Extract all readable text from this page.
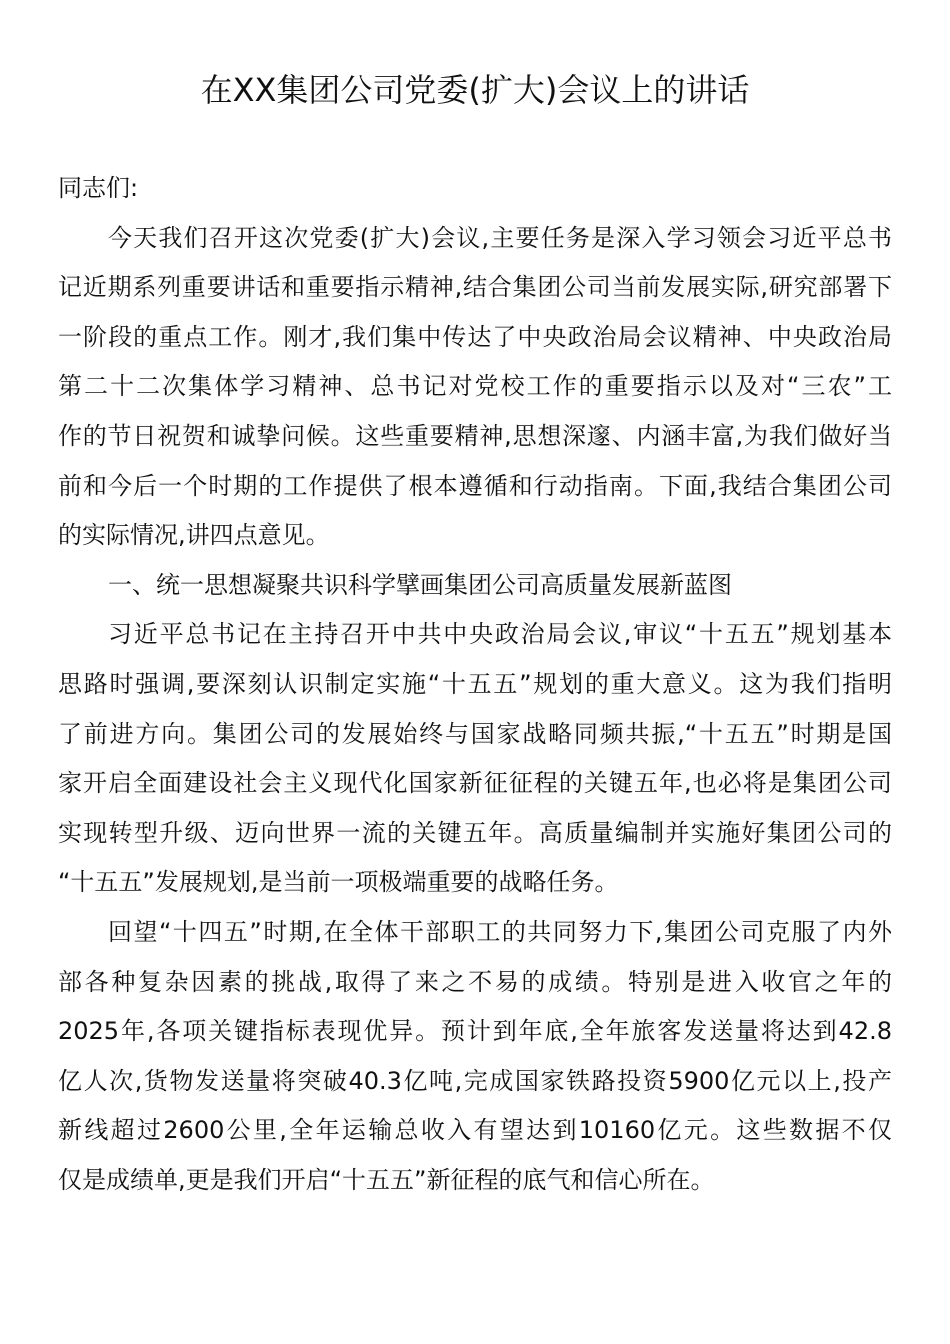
在XX集团公司党委(扩大)会议上的讲话
同志们:
今天我们召开这次党委(扩大)会议,主要任务是深入学习领会习近平总书
记近期系列重要讲话和重要指示精神,结合集团公司当前发展实际,研究部署下
一阶段的重点工作。刚才,我们集中传达了中央政治局会议精神、中央政治局
第二十二次集体学习精神、总书记对党校工作的重要指示以及对“三农”工
作的节日祝贺和诚挚问候。这些重要精神,思想深邃、内涵丰富,为我们做好当
前和今后一个时期的工作提供了根本遵循和行动指南。下面,我结合集团公司
的实际情况,讲四点意见。
一、统一思想凝聚共识科学擘画集团公司高质量发展新蓝图
习近平总书记在主持召开中共中央政治局会议,审议“十五五”规划基本
思路时强调,要深刻认识制定实施“十五五”规划的重大意义。这为我们指明
了前进方向。集团公司的发展始终与国家战略同频共振,“十五五”时期是国
家开启全面建设社会主义现代化国家新征征程的关键五年,也必将是集团公司
实现转型升级、迈向世界一流的关键五年。高质量编制并实施好集团公司的
“十五五”发展规划,是当前一项极端重要的战略任务。
回望“十四五”时期,在全体干部职工的共同努力下,集团公司克服了内外
部各种复杂因素的挑战,取得了来之不易的成绩。特别是进入收官之年的
2025年,各项关键指标表现优异。预计到年底,全年旅客发送量将达到42.8
亿人次,货物发送量将突破40.3亿吨,完成国家铁路投资5900亿元以上,投产
新线超过2600公里,全年运输总收入有望达到10160亿元。这些数据不仅
仅是成绩单,更是我们开启“十五五”新征程的底气和信心所在。
